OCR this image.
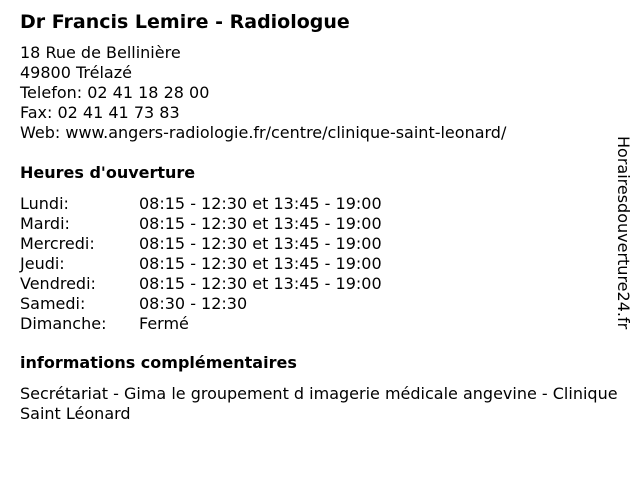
Dr Francis Lemire - Radiologue
18 Rue de Bellinière
49800 Trélazé
Telefon: 02 41 18 28 00
Fax: 02 41 41 73 83
Web: www.angers-radiologie.fr/centre/clinique-saint-leonard/
Heures d'ouverture
Lundi:	08:15 - 12:30 et 13:45 - 19:00
Mardi:	08:15 - 12:30 et 13:45 - 19:00
Mercredi:	08:15 - 12:30 et 13:45 - 19:00
Jeudi:	08:15 - 12:30 et 13:45 - 19:00
Vendredi:	08:15 - 12:30 et 13:45 - 19:00
Samedi:	08:30 - 12:30
Dimanche: Fermé
informations complémentaires
Secrétariat - Gima le groupement d imagerie médicale angevine - Clinique Saint Léonard
Horairesdouverture24.fr
